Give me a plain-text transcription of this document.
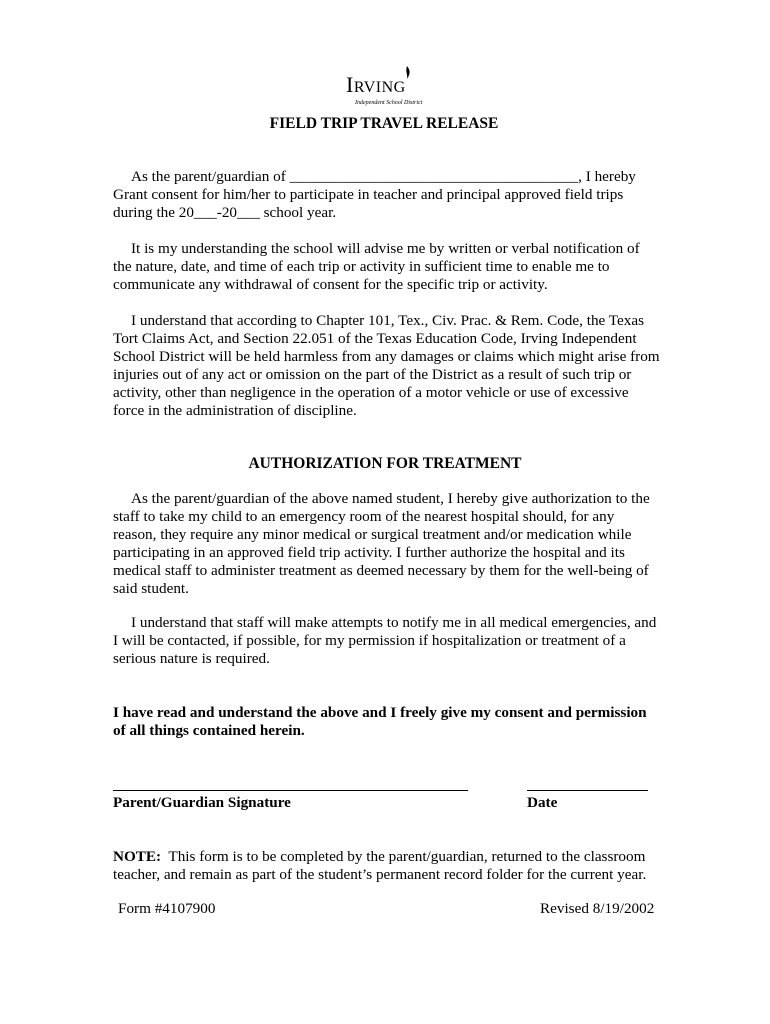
IRVING
Independent School District
FIELD TRIP TRAVEL RELEASE
As the parent/guardian of ______________________________________, I hereby
Grant consent for him/her to participate in teacher and principal approved field trips
during the 20___-20___ school year.
It is my understanding the school will advise me by written or verbal notification of
the nature, date, and time of each trip or activity in sufficient time to enable me to
communicate any withdrawal of consent for the specific trip or activity.
I understand that according to Chapter 101, Tex., Civ. Prac. & Rem. Code, the Texas
Tort Claims Act, and Section 22.051 of the Texas Education Code, Irving Independent
School District will be held harmless from any damages or claims which might arise from
injuries out of any act or omission on the part of the District as a result of such trip or
activity, other than negligence in the operation of a motor vehicle or use of excessive
force in the administration of discipline.
AUTHORIZATION FOR TREATMENT
As the parent/guardian of the above named student, I hereby give authorization to the
staff to take my child to an emergency room of the nearest hospital should, for any
reason, they require any minor medical or surgical treatment and/or medication while
participating in an approved field trip activity. I further authorize the hospital and its
medical staff to administer treatment as deemed necessary by them for the well-being of
said student.
I understand that staff will make attempts to notify me in all medical emergencies, and
I will be contacted, if possible, for my permission if hospitalization or treatment of a
serious nature is required.
I have read and understand the above and I freely give my consent and permission
of all things contained herein.
Parent/Guardian Signature	Date
NOTE:  This form is to be completed by the parent/guardian, returned to the classroom
teacher, and remain as part of the student’s permanent record folder for the current year.
Form #4107900	Revised 8/19/2002
